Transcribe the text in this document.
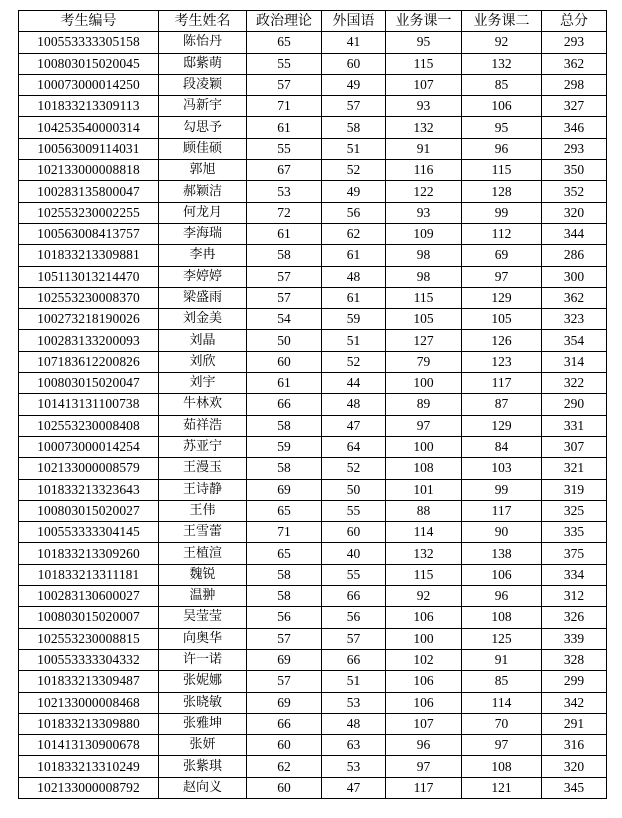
考生编号	考生姓名	政治理论	外国语	业务课一	业务课二	总分
100553333305158	陈怡丹	65	41	95	92	293
100803015020045	邸紫萌	55	60	115	132	362
100073000014250	段凌颖	57	49	107	85	298
101833213309113	冯新宇	71	57	93	106	327
104253540000314	勾思予	61	58	132	95	346
100563009114031	顾佳硕	55	51	91	96	293
102133000008818	郭旭	67	52	116	115	350
100283135800047	郝颖洁	53	49	122	128	352
102553230002255	何龙月	72	56	93	99	320
100563008413757	李海瑞	61	62	109	112	344
101833213309881	李冉	58	61	98	69	286
105113013214470	李婷婷	57	48	98	97	300
102553230008370	梁盛雨	57	61	115	129	362
100273218190026	刘金美	54	59	105	105	323
100283133200093	刘晶	50	51	127	126	354
107183612200826	刘欣	60	52	79	123	314
100803015020047	刘宇	61	44	100	117	322
101413131100738	牛林欢	66	48	89	87	290
102553230008408	茹祥浩	58	47	97	129	331
100073000014254	苏亚宁	59	64	100	84	307
102133000008579	王漫玉	58	52	108	103	321
101833213323643	王诗静	69	50	101	99	319
100803015020027	王伟	65	55	88	117	325
100553333304145	王雪蕾	71	60	114	90	335
101833213309260	王植渲	65	40	132	138	375
101833213311181	魏锐	58	55	115	106	334
100283130600027	温翀	58	66	92	96	312
100803015020007	吴莹莹	56	56	106	108	326
102553230008815	向奥华	57	57	100	125	339
100553333304332	许一诺	69	66	102	91	328
101833213309487	张妮娜	57	51	106	85	299
102133000008468	张晓敏	69	53	106	114	342
101833213309880	张雅坤	66	48	107	70	291
101413130900678	张妍	60	63	96	97	316
101833213310249	张紫琪	62	53	97	108	320
102133000008792	赵向义	60	47	117	121	345
